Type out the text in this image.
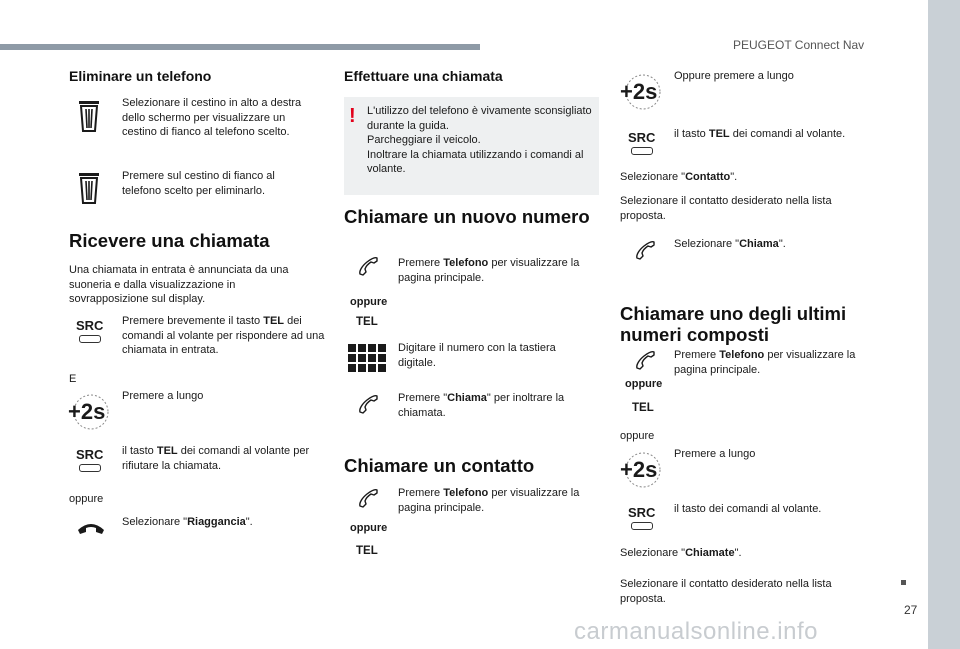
PEUGEOT Connect Nav
27
carmanualsonline.info
Eliminare un telefono
Selezionare il cestino in alto a destra dello schermo per visualizzare un cestino di fianco al telefono scelto.
Premere sul cestino di fianco al telefono scelto per eliminarlo.
Ricevere una chiamata
Una chiamata in entrata è annunciata da una suoneria e dalla visualizzazione in sovrapposizione sul display.
SRC Premere brevemente il tasto TEL dei comandi al volante per rispondere ad una chiamata in entrata.
E
+2s
Premere a lungo
SRC il tasto TEL dei comandi al volante per rifiutare la chiamata.
oppure
Selezionare "Riaggancia".
Effettuare una chiamata
! L'utilizzo del telefono è vivamente sconsigliato durante la guida.
Parcheggiare il veicolo.
Inoltrare la chiamata utilizzando i comandi al volante.
Chiamare un nuovo numero
oppure
TEL
Premere Telefono per visualizzare la pagina principale.
Digitare il numero con la tastiera digitale.
Premere "Chiama" per inoltrare la chiamata.
Chiamare un contatto
oppure
TEL
Premere Telefono per visualizzare la pagina principale.
+2s
Oppure premere a lungo
SRC il tasto TEL dei comandi al volante.
Selezionare "Contatto".
Selezionare il contatto desiderato nella lista proposta.
Selezionare "Chiama".
Chiamare uno degli ultimi numeri composti
oppure
TEL
Premere Telefono per visualizzare la pagina principale.
oppure
+2s
Premere a lungo
SRC il tasto dei comandi al volante.
Selezionare "Chiamate".
Selezionare il contatto desiderato nella lista proposta.
